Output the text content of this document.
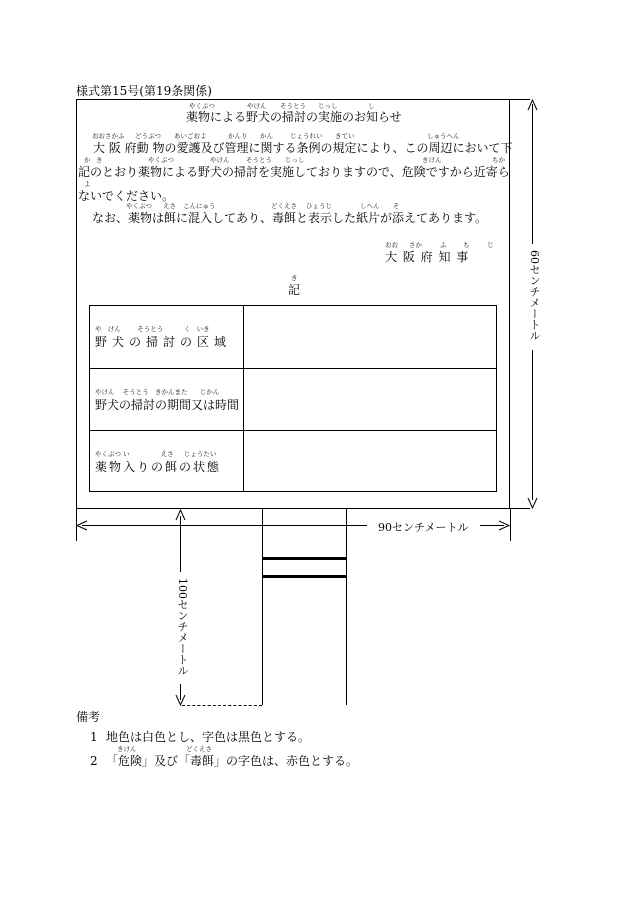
様式第15号(第19条関係)
やくぶつ	やけん そうとう じっし	し
薬物による野犬の掃討の実施のお知らせ
おおさかふ どうぶつ あいごおよ	かんり かん	じょうれい きてい	しゅうへん
大 阪 府動 物の愛護及び管理に関する条例の規定により、この周辺において下
か き	やくぶつ	やけん	そうとう じっし	きけん	ちか
記のとおり薬物による野犬の掃討を実施しておりますので、危険ですから近寄ら
よ
ないでください。
やくぶつ えさ こんにゅう	どくえさ ひょうじ	しへん そ
なお、薬物は餌に混入してあり、毒餌と表示した紙片が添えてあります。
おお さか	ふ	ち	じ
大 阪 府 知 事
き
記
や けん	そうとう	く いき
野犬の掃討の区域
やけん そうとう きかんまた じかん
野犬の掃討の期間又は時間
やくぶつ い	えさ じょうたい
薬物入りの餌の状態
60センチメートル
90センチメートル
100センチメートル
備考
1 地色は白色とし、字色は黒色とする。
きけん	どくえさ
2 「危険」及び「毒餌」の字色は、赤色とする。
